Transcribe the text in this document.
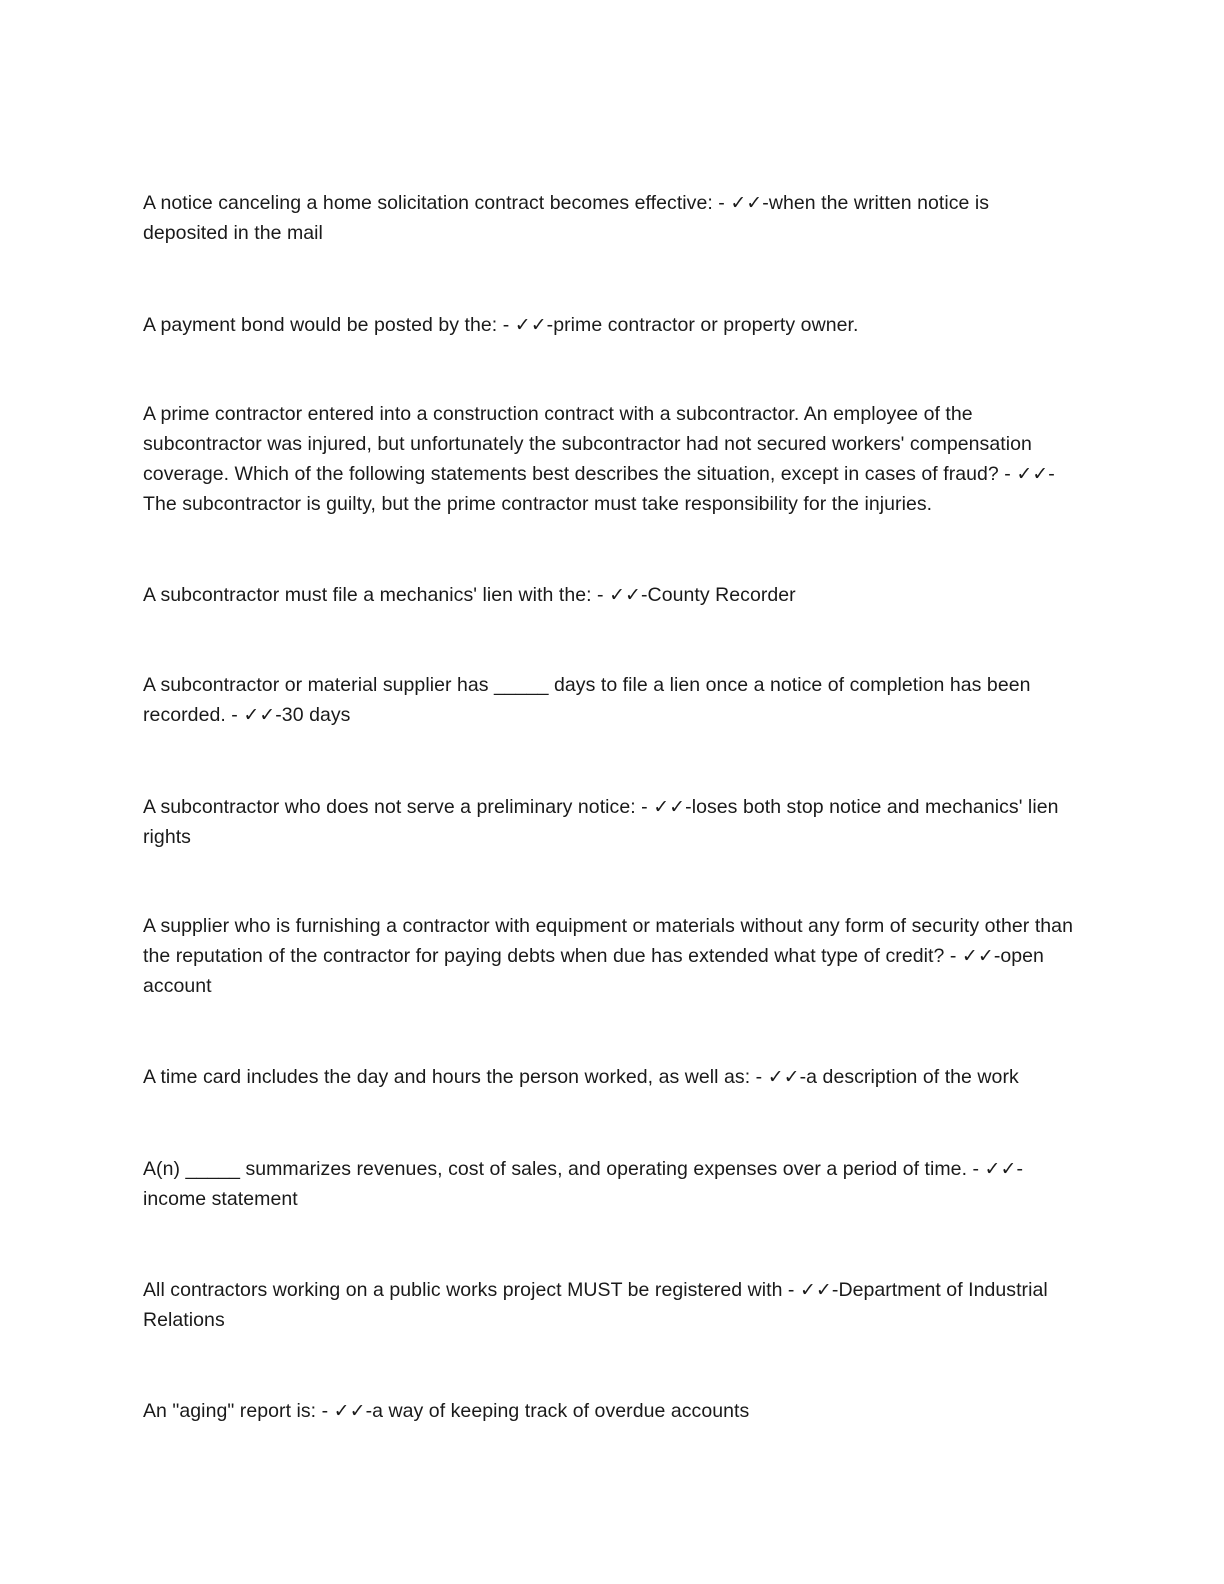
A notice canceling a home solicitation contract becomes effective: - ✓✓-when the written notice is deposited in the mail

A payment bond would be posted by the: - ✓✓-prime contractor or property owner.

A prime contractor entered into a construction contract with a subcontractor. An employee of the subcontractor was injured, but unfortunately the subcontractor had not secured workers' compensation coverage. Which of the following statements best describes the situation, except in cases of fraud? - ✓✓-The subcontractor is guilty, but the prime contractor must take responsibility for the injuries.

A subcontractor must file a mechanics' lien with the: - ✓✓-County Recorder

A subcontractor or material supplier has _____ days to file a lien once a notice of completion has been recorded. - ✓✓-30 days

A subcontractor who does not serve a preliminary notice: - ✓✓-loses both stop notice and mechanics' lien rights

A supplier who is furnishing a contractor with equipment or materials without any form of security other than the reputation of the contractor for paying debts when due has extended what type of credit? - ✓✓-open account

A time card includes the day and hours the person worked, as well as: - ✓✓-a description of the work

A(n) _____ summarizes revenues, cost of sales, and operating expenses over a period of time. - ✓✓-income statement

All contractors working on a public works project MUST be registered with - ✓✓-Department of Industrial Relations

An "aging" report is: - ✓✓-a way of keeping track of overdue accounts
